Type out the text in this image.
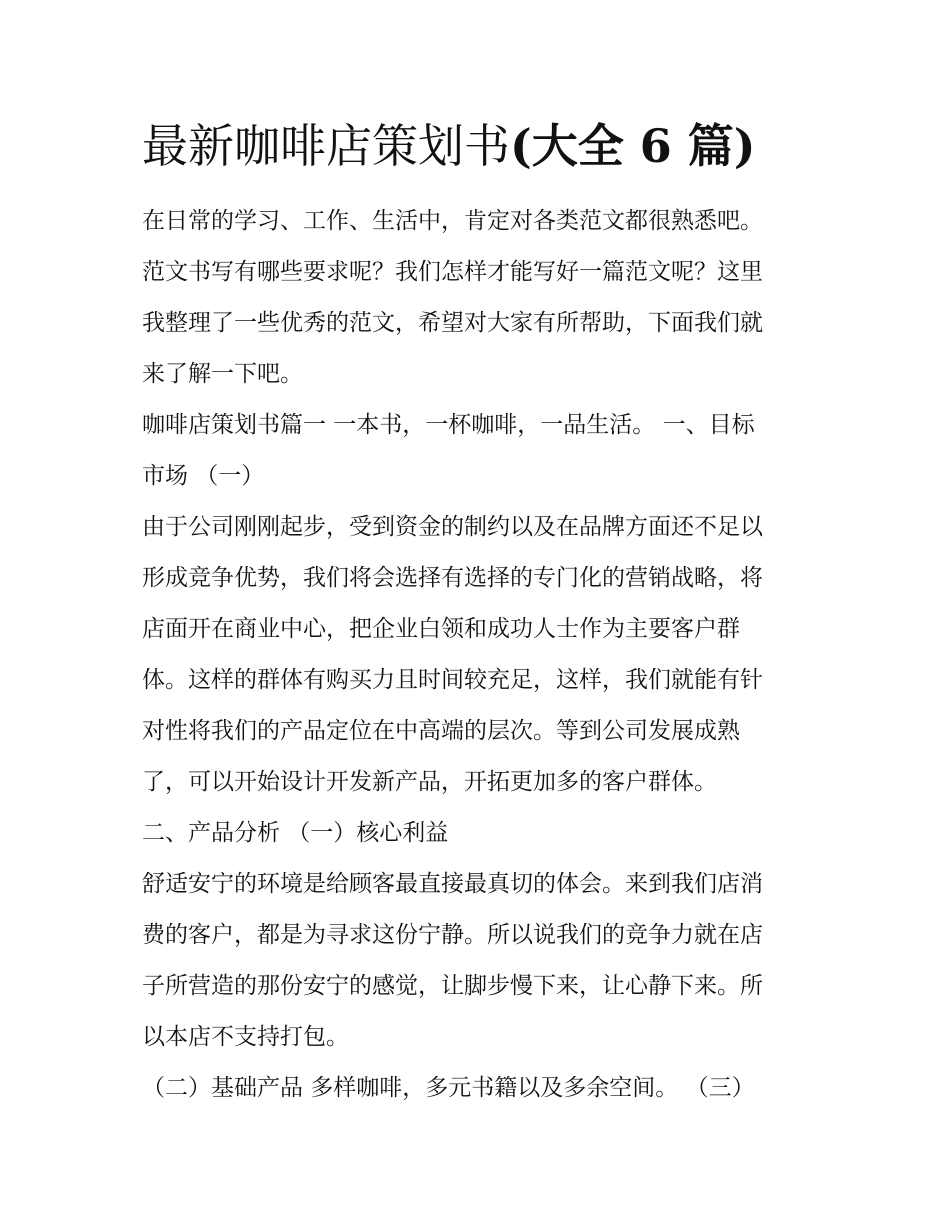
最新咖啡店策划书(大全 6 篇)
在日常的学习、工作、生活中，肯定对各类范文都很熟悉吧。
范文书写有哪些要求呢？我们怎样才能写好一篇范文呢？这里
我整理了一些优秀的范文，希望对大家有所帮助，下面我们就
来了解一下吧。
咖啡店策划书篇一 一本书，一杯咖啡，一品生活。 一、目标
市场 （一）
由于公司刚刚起步，受到资金的制约以及在品牌方面还不足以
形成竞争优势，我们将会选择有选择的专门化的营销战略，将
店面开在商业中心，把企业白领和成功人士作为主要客户群
体。这样的群体有购买力且时间较充足，这样，我们就能有针
对性将我们的产品定位在中高端的层次。等到公司发展成熟
了，可以开始设计开发新产品，开拓更加多的客户群体。
二、产品分析 （一）核心利益
舒适安宁的环境是给顾客最直接最真切的体会。来到我们店消
费的客户，都是为寻求这份宁静。所以说我们的竞争力就在店
子所营造的那份安宁的感觉，让脚步慢下来，让心静下来。所
以本店不支持打包。
（二）基础产品 多样咖啡，多元书籍以及多余空间。 （三）
